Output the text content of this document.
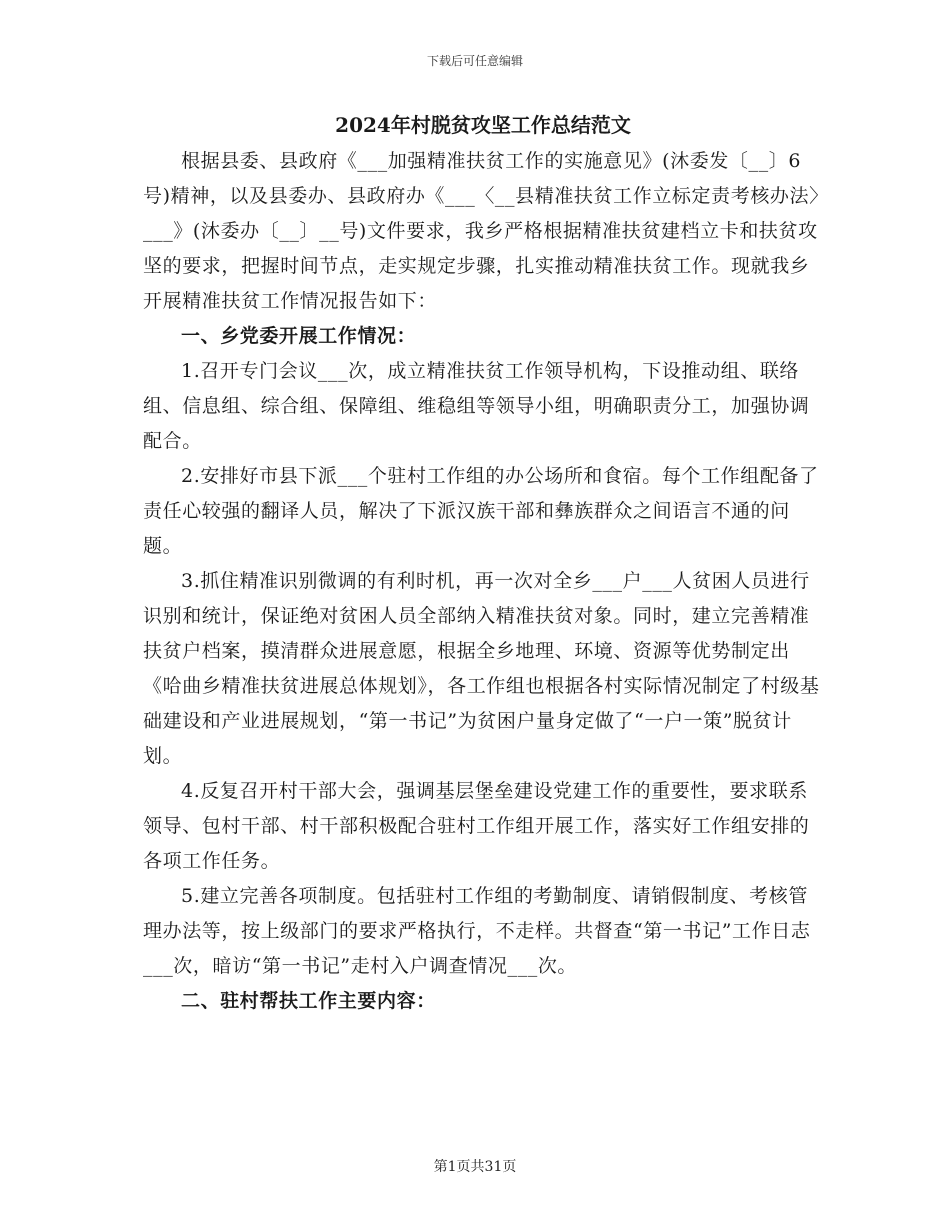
下载后可任意编辑

2024年村脱贫攻坚工作总结范文

根据县委、县政府《___加强精准扶贫工作的实施意见》(沐委发〔__〕6号)精神，以及县委办、县政府办《___〈__县精准扶贫工作立标定责考核办法〉___》(沐委办〔__〕__号)文件要求，我乡严格根据精准扶贫建档立卡和扶贫攻坚的要求，把握时间节点，走实规定步骤，扎实推动精准扶贫工作。现就我乡开展精准扶贫工作情况报告如下：

一、乡党委开展工作情况：

1.召开专门会议___次，成立精准扶贫工作领导机构，下设推动组、联络组、信息组、综合组、保障组、维稳组等领导小组，明确职责分工，加强协调配合。

2.安排好市县下派___个驻村工作组的办公场所和食宿。每个工作组配备了责任心较强的翻译人员，解决了下派汉族干部和彝族群众之间语言不通的问题。

3.抓住精准识别微调的有利时机，再一次对全乡___户___人贫困人员进行识别和统计，保证绝对贫困人员全部纳入精准扶贫对象。同时，建立完善精准扶贫户档案，摸清群众进展意愿，根据全乡地理、环境、资源等优势制定出《哈曲乡精准扶贫进展总体规划》，各工作组也根据各村实际情况制定了村级基础建设和产业进展规划，“第一书记”为贫困户量身定做了“一户一策”脱贫计划。

4.反复召开村干部大会，强调基层堡垒建设党建工作的重要性，要求联系领导、包村干部、村干部积极配合驻村工作组开展工作，落实好工作组安排的各项工作任务。

5.建立完善各项制度。包括驻村工作组的考勤制度、请销假制度、考核管理办法等，按上级部门的要求严格执行，不走样。共督查“第一书记”工作日志___次，暗访“第一书记”走村入户调查情况___次。

二、驻村帮扶工作主要内容：

第1页共31页
